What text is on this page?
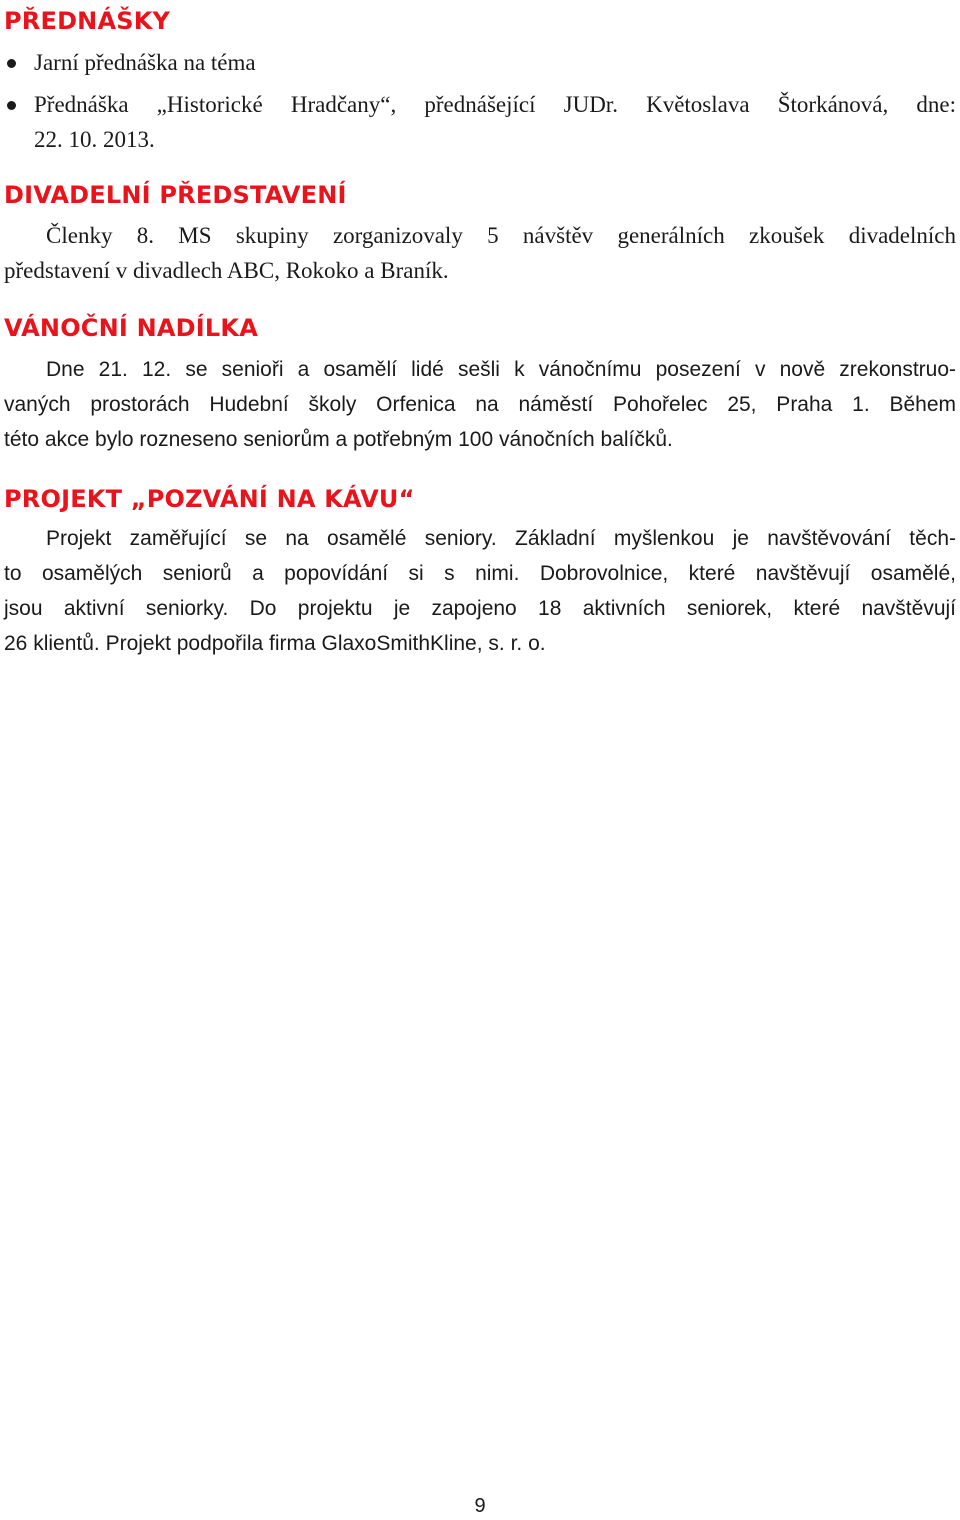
PŘEDNÁŠKY
Jarní přednáška na téma
Přednáška „Historické Hradčany“, přednášející JUDr. Květoslava Štorkánová, dne:
22. 10. 2013.
DIVADELNÍ PŘEDSTAVENÍ

Členky 8. MS skupiny zorganizovaly 5 návštěv generálních zkoušek divadelních
představení v divadlech ABC, Rokoko a Braník.

VÁNOČNÍ NADÍLKA

Dne 21. 12. se senioři a osamělí lidé sešli k vánočnímu posezení v nově zrekonstruo-
vaných prostorách Hudební školy Orfenica na náměstí Pohořelec 25, Praha 1. Během
této akce bylo rozneseno seniorům a potřebným 100 vánočních balíčků.

PROJEKT „POZVÁNÍ NA KÁVU“

Projekt zaměřující se na osamělé seniory. Základní myšlenkou je navštěvování těch-
to osamělých seniorů a popovídání si s nimi. Dobrovolnice, které navštěvují osamělé,
jsou aktivní seniorky. Do projektu je zapojeno 18 aktivních seniorek, které navštěvují
26 klientů. Projekt podpořila firma GlaxoSmithKline, s. r. o.

9
